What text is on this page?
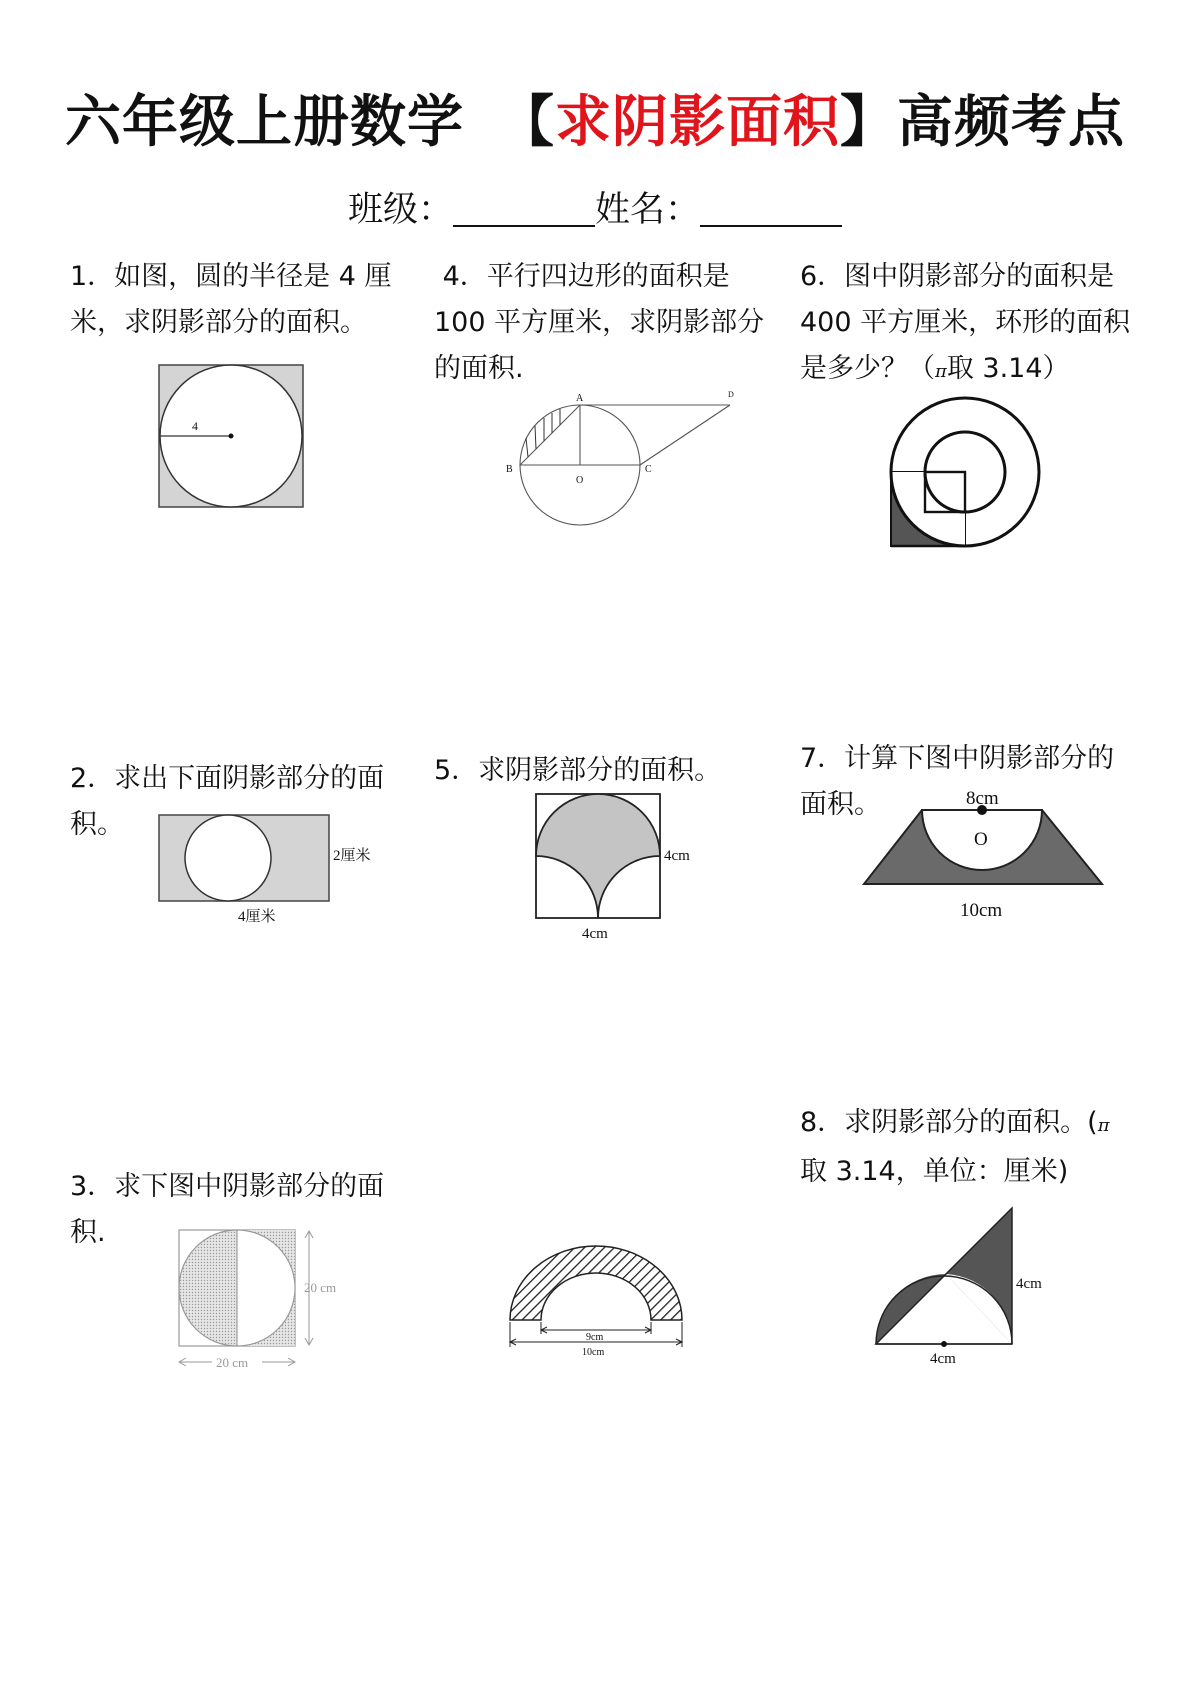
六年级上册数学 【求阴影面积】高频考点
班级：	姓名：
1．如图，圆的半径是 4 厘
米，求阴影部分的面积。
4
2．求出下面阴影部分的面
积。
2厘米
4厘米
3．求下图中阴影部分的面
积.
20 cm
20 cm
4．平行四边形的面积是
100 平方厘米，求阴影部分
的面积.
A
B	C
D
O
5．求阴影部分的面积。
4cm
4cm
9cm
10cm
6．图中阴影部分的面积是
400 平方厘米，环形的面积
是多少？（π取 3.14）
7．计算下图中阴影部分的
面积。	8cm
O
10cm
8．求阴影部分的面积。(π
取 3.14，单位：厘米)
4cm
4cm
